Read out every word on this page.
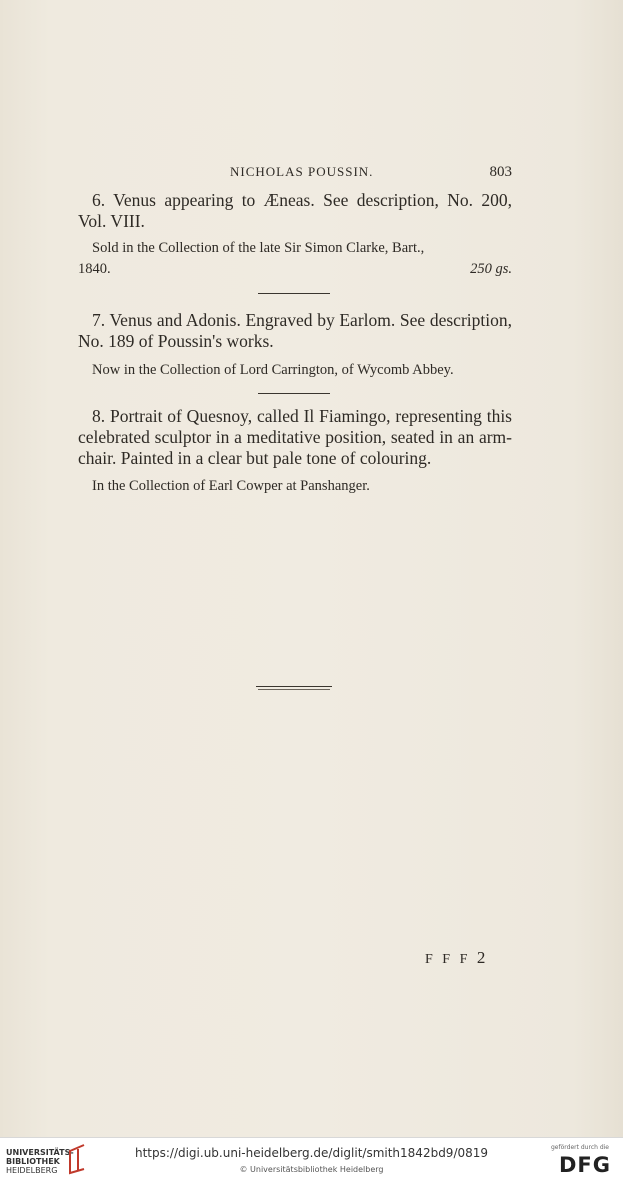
NICHOLAS POUSSIN.	803

6. Venus appearing to Æneas. See description, No. 200, Vol. VIII.

Sold in the Collection of the late Sir Simon Clarke, Bart.,
1840.	250 gs.

7. Venus and Adonis. Engraved by Earlom. See description, No. 189 of Poussin's works.

Now in the Collection of Lord Carrington, of Wycomb Abbey.

8. Portrait of Quesnoy, called Il Fiamingo, representing this celebrated sculptor in a meditative position, seated in an arm-chair. Painted in a clear but pale tone of colouring.

In the Collection of Earl Cowper at Panshanger.

F F F 2
UNIVERSITÄTS-
BIBLIOTHEK
HEIDELBERG
https://digi.ub.uni-heidelberg.de/diglit/smith1842bd9/0819
© Universitätsbibliothek Heidelberg
gefördert durch die
DFG
